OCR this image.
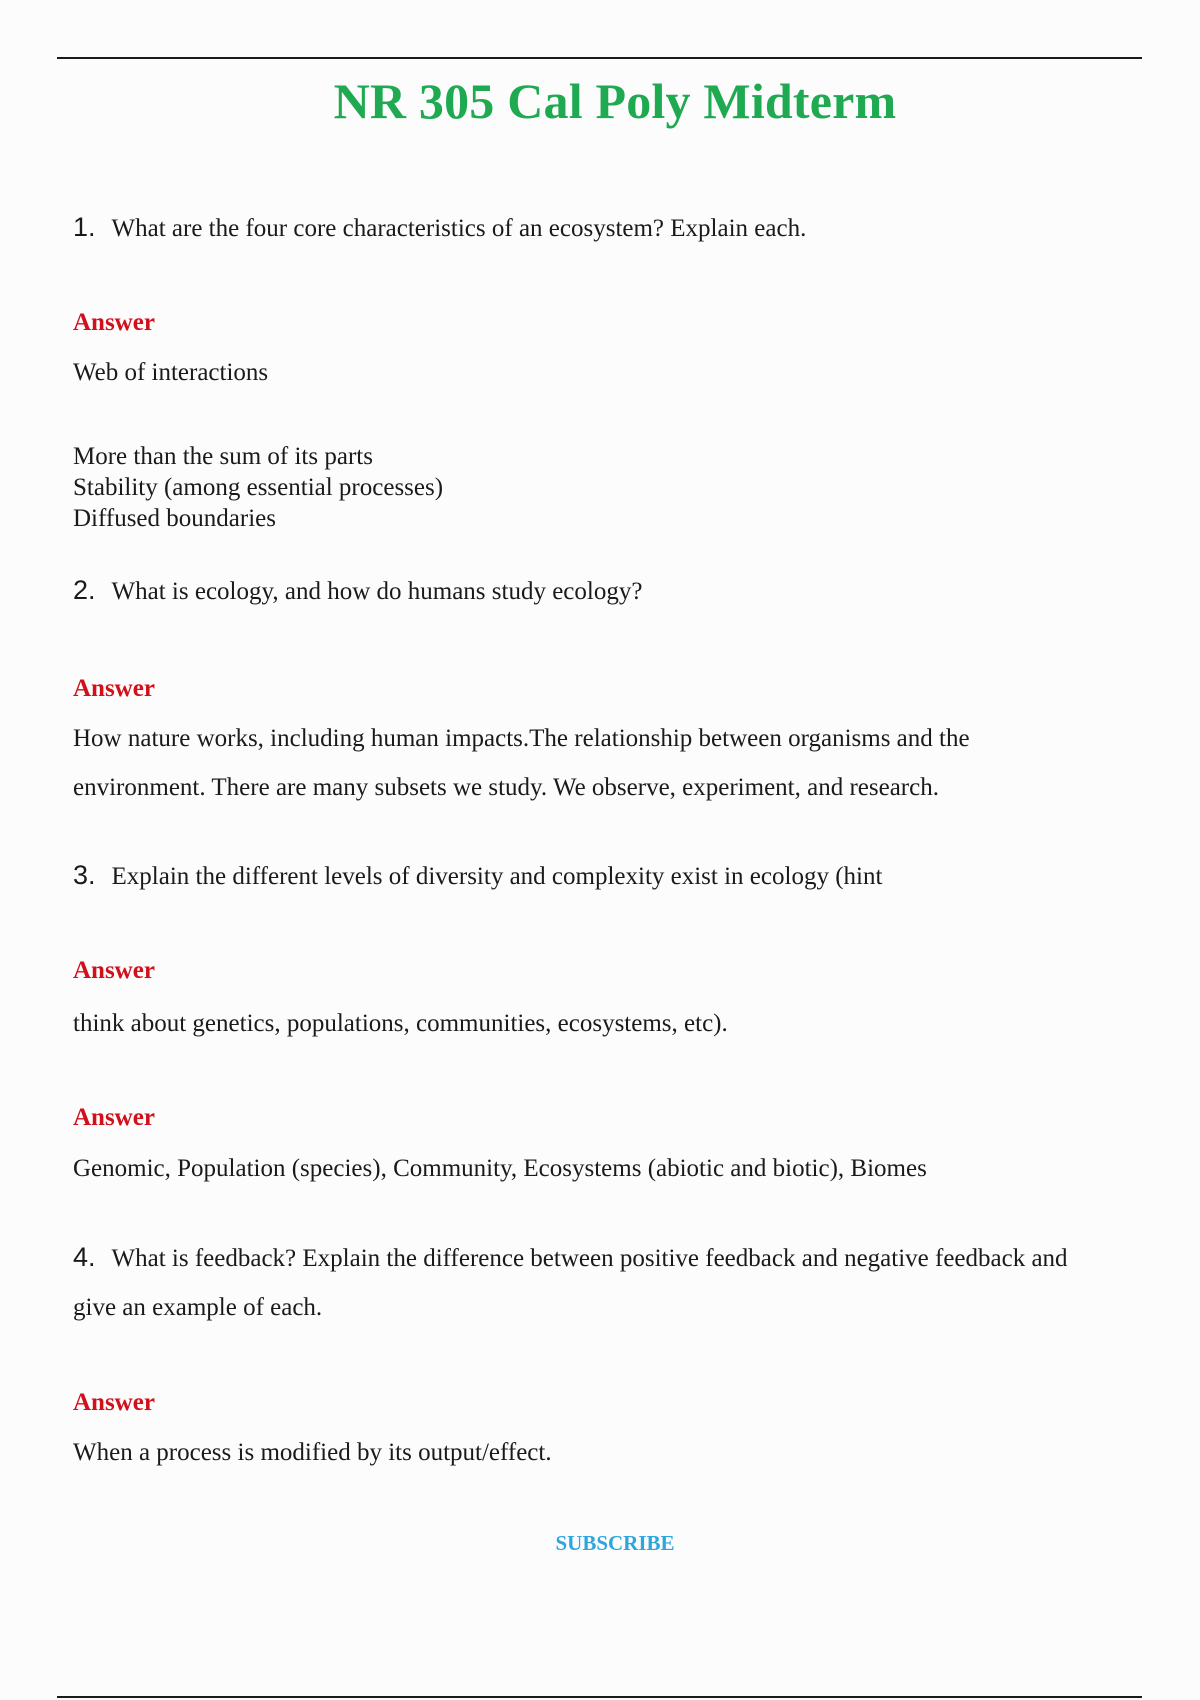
NR 305 Cal Poly Midterm
1. What are the four core characteristics of an ecosystem? Explain each.
Answer
Web of interactions
More than the sum of its parts
Stability (among essential processes)
Diffused boundaries
2. What is ecology, and how do humans study ecology?
Answer
How nature works, including human impacts.The relationship between organisms and the environment. There are many subsets we study. We observe, experiment, and research.
3. Explain the different levels of diversity and complexity exist in ecology (hint
Answer
think about genetics, populations, communities, ecosystems, etc).
Answer
Genomic, Population (species), Community, Ecosystems (abiotic and biotic), Biomes
4. What is feedback? Explain the difference between positive feedback and negative feedback and give an example of each.
Answer
When a process is modified by its output/effect.
SUBSCRIBE
